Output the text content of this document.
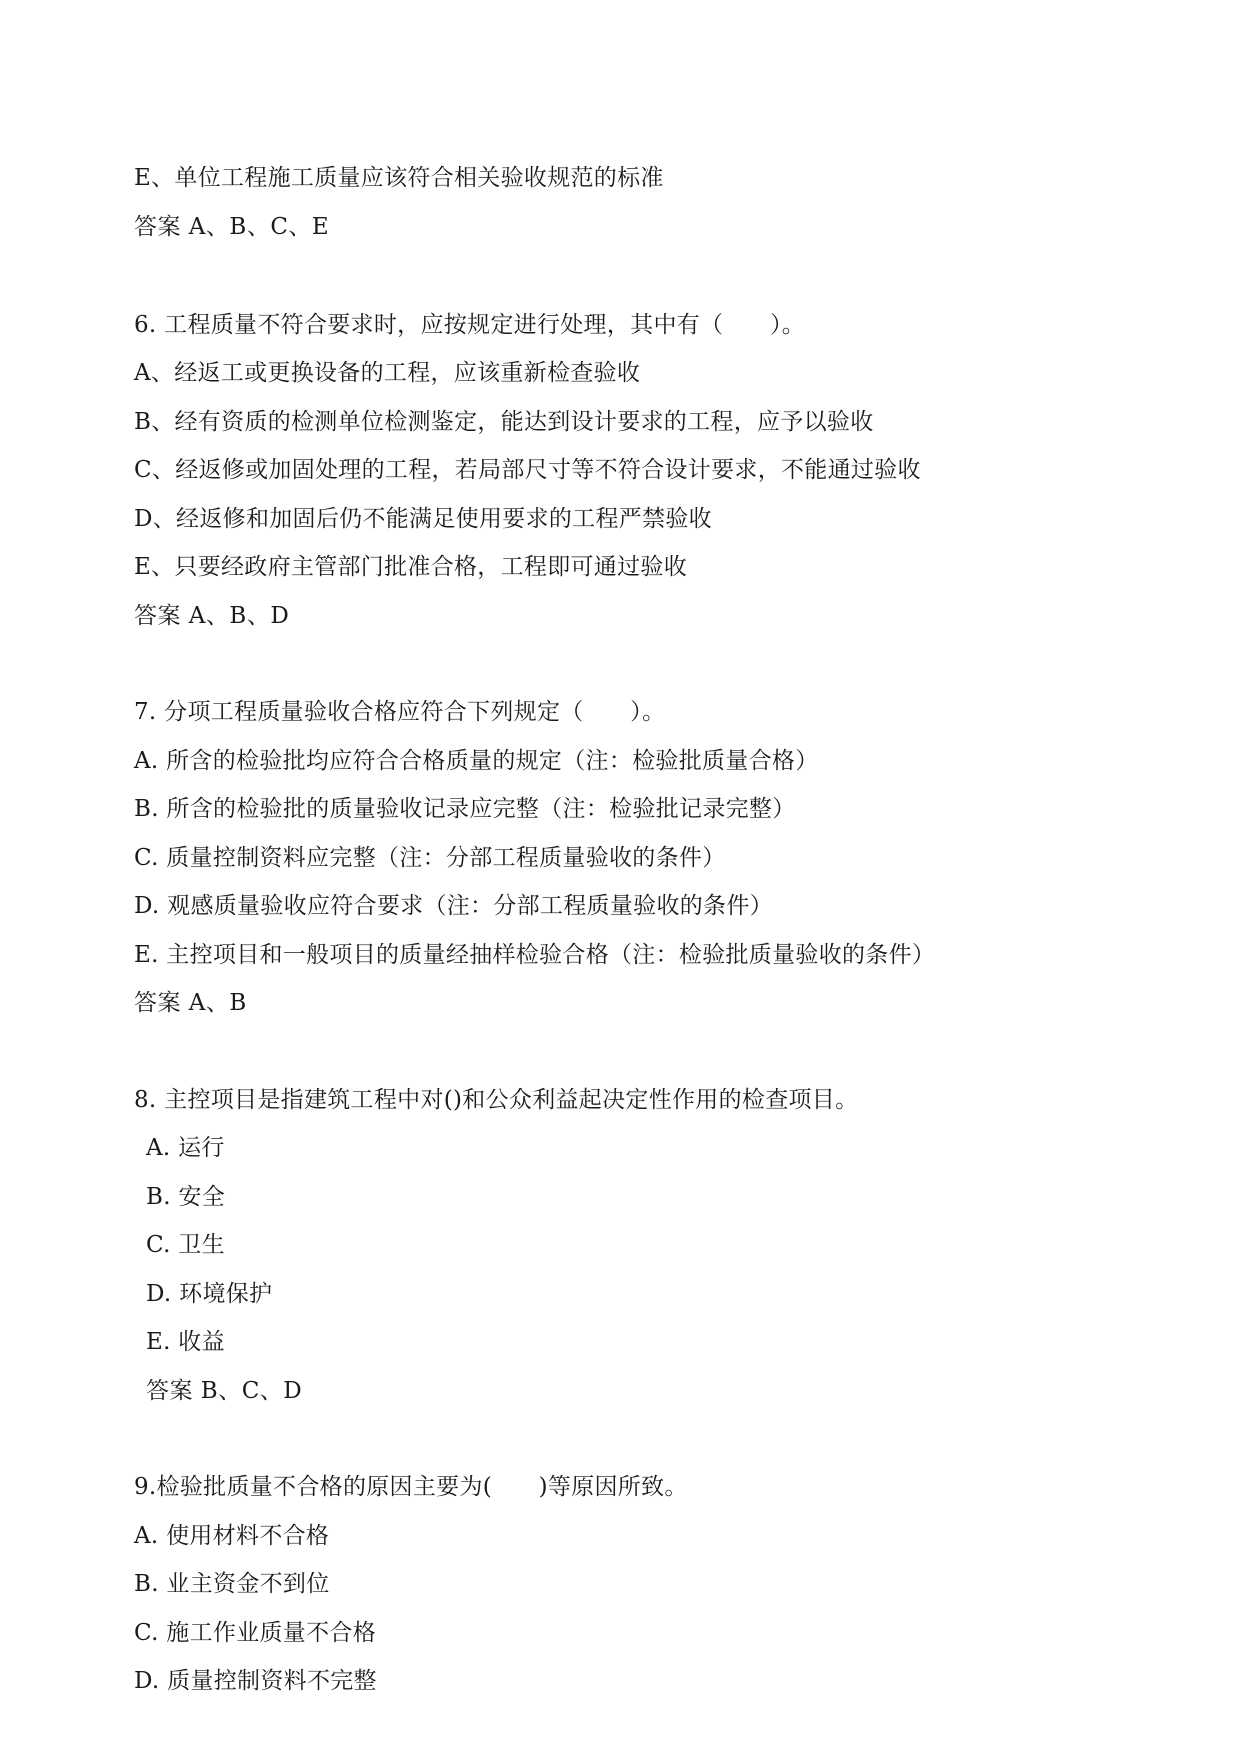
E、单位工程施工质量应该符合相关验收规范的标准
答案 A、B、C、E
6. 工程质量不符合要求时，应按规定进行处理，其中有（　　）。
A、经返工或更换设备的工程，应该重新检查验收
B、经有资质的检测单位检测鉴定，能达到设计要求的工程，应予以验收
C、经返修或加固处理的工程，若局部尺寸等不符合设计要求，不能通过验收
D、经返修和加固后仍不能满足使用要求的工程严禁验收
E、只要经政府主管部门批准合格，工程即可通过验收
答案 A、B、D
7. 分项工程质量验收合格应符合下列规定（　　）。
A. 所含的检验批均应符合合格质量的规定（注：检验批质量合格）
B. 所含的检验批的质量验收记录应完整（注：检验批记录完整）
C. 质量控制资料应完整（注：分部工程质量验收的条件）
D. 观感质量验收应符合要求（注：分部工程质量验收的条件）
E. 主控项目和一般项目的质量经抽样检验合格（注：检验批质量验收的条件）
答案 A、B
8. 主控项目是指建筑工程中对()和公众利益起决定性作用的检查项目。
A. 运行
B. 安全
C. 卫生
D. 环境保护
E. 收益
答案 B、C、D
9.检验批质量不合格的原因主要为(　　)等原因所致。
A. 使用材料不合格
B. 业主资金不到位
C. 施工作业质量不合格
D. 质量控制资料不完整
